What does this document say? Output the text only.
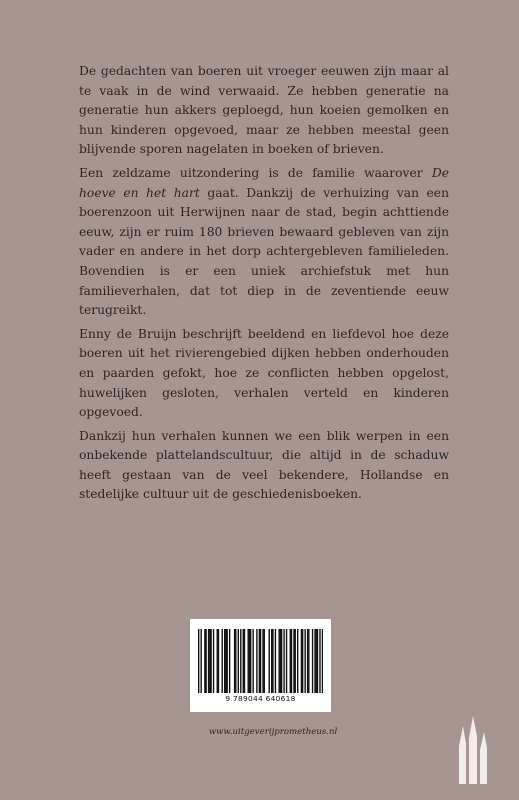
De gedachten van boeren uit vroeger eeuwen zijn maar al te vaak in de wind verwaaid. Ze hebben generatie na generatie hun akkers geploegd, hun koeien gemolken en hun kinderen opgevoed, maar ze hebben meestal geen blijvende sporen nagelaten in boeken of brieven.

Een zeldzame uitzondering is de familie waarover De hoeve en het hart gaat. Dankzij de verhuizing van een boerenzoon uit Herwijnen naar de stad, begin achttiende eeuw, zijn er ruim 180 brieven bewaard gebleven van zijn vader en andere in het dorp achtergebleven familieleden. Bovendien is er een uniek archiefstuk met hun familieverhalen, dat tot diep in de zeventiende eeuw terugreikt.

Enny de Bruijn beschrijft beeldend en liefdevol hoe deze boeren uit het rivierengebied dijken hebben onderhouden en paarden gefokt, hoe ze conflicten hebben opgelost, huwelijken gesloten, verhalen verteld en kinderen opgevoed.

Dankzij hun verhalen kunnen we een blik werpen in een onbekende plattelandscultuur, die altijd in de schaduw heeft gestaan van de veel bekendere, Hollandse en stedelijke cultuur uit de geschiedenisboeken.

9 789044 640618
www.uitgeverijprometheus.nl
